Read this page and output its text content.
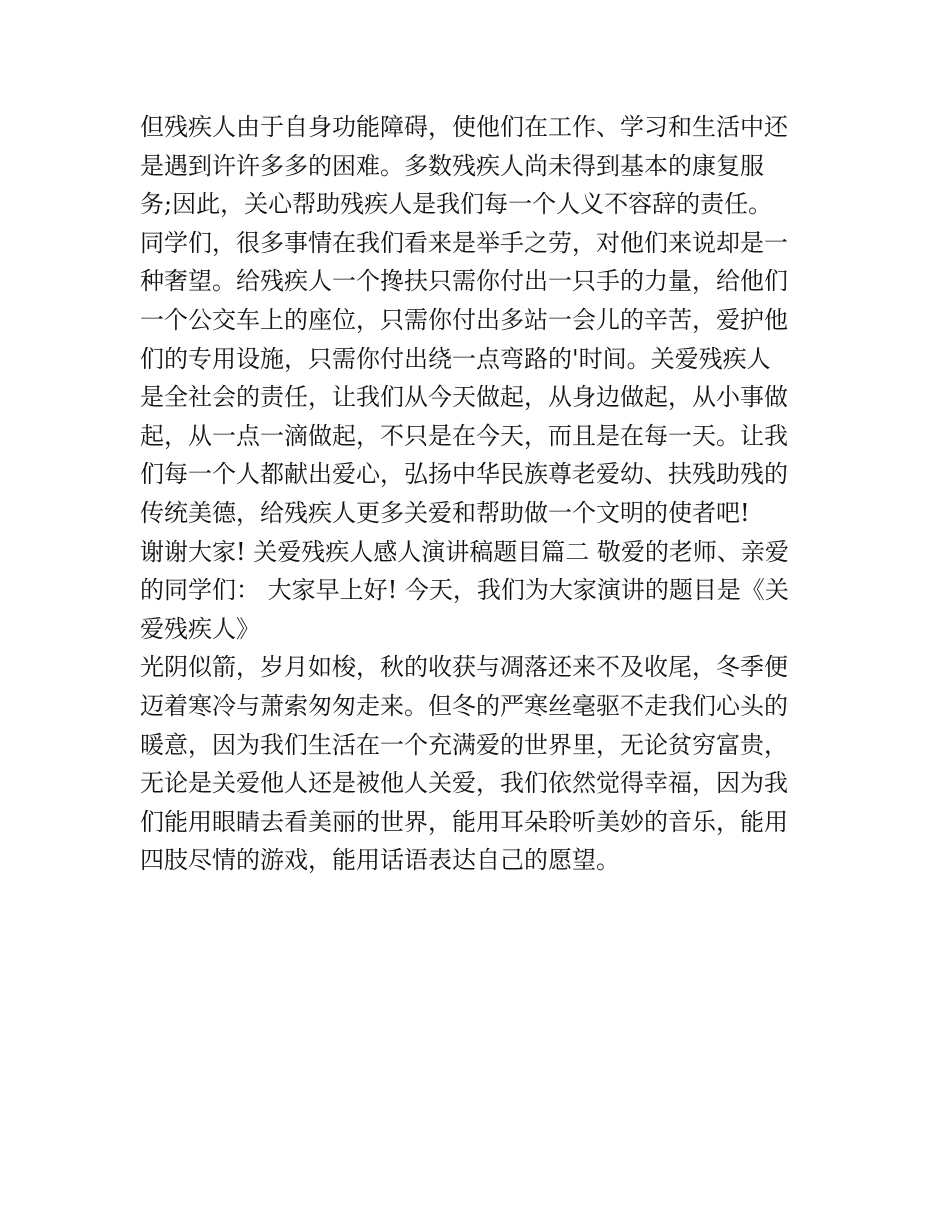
但残疾人由于自身功能障碍，使他们在工作、学习和生活中还
是遇到许许多多的困难。多数残疾人尚未得到基本的康复服
务;因此，关心帮助残疾人是我们每一个人义不容辞的责任。
同学们，很多事情在我们看来是举手之劳，对他们来说却是一
种奢望。给残疾人一个搀扶只需你付出一只手的力量，给他们
一个公交车上的座位，只需你付出多站一会儿的辛苦，爱护他
们的专用设施，只需你付出绕一点弯路的'时间。关爱残疾人
是全社会的责任，让我们从今天做起，从身边做起，从小事做
起，从一点一滴做起，不只是在今天，而且是在每一天。让我
们每一个人都献出爱心，弘扬中华民族尊老爱幼、扶残助残的
传统美德，给残疾人更多关爱和帮助做一个文明的使者吧!
谢谢大家! 关爱残疾人感人演讲稿题目篇二 敬爱的老师、亲爱
的同学们： 大家早上好! 今天，我们为大家演讲的题目是《关
爱残疾人》
光阴似箭，岁月如梭，秋的收获与凋落还来不及收尾，冬季便
迈着寒冷与萧索匆匆走来。但冬的严寒丝毫驱不走我们心头的
暖意，因为我们生活在一个充满爱的世界里，无论贫穷富贵，
无论是关爱他人还是被他人关爱，我们依然觉得幸福，因为我
们能用眼睛去看美丽的世界，能用耳朵聆听美妙的音乐，能用
四肢尽情的游戏，能用话语表达自己的愿望。
